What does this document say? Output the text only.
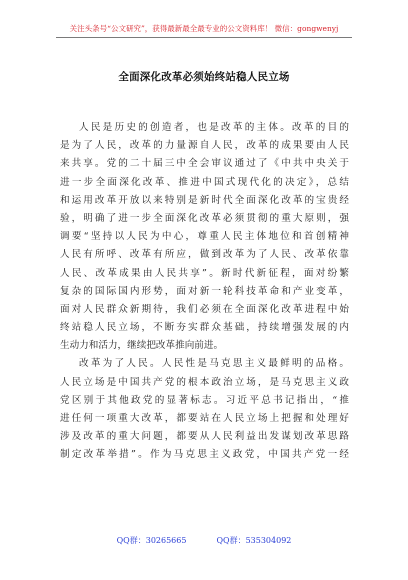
关注头条号“公文研究”，获得最新最全最专业的公文资料库！ 微信：gongwenyj
全面深化改革必须始终站稳人民立场
人民是历史的创造者，也是改革的主体。改革的目的
是为了人民，改革的力量源自人民，改革的成果要由人民
来共享。党的二十届三中全会审议通过了《中共中央关于
进一步全面深化改革、推进中国式现代化的决定》，总结
和运用改革开放以来特别是新时代全面深化改革的宝贵经
验，明确了进一步全面深化改革必须贯彻的重大原则，强
调要“坚持以人民为中心，尊重人民主体地位和首创精神
人民有所呼、改革有所应，做到改革为了人民、改革依靠
人民、改革成果由人民共享”。新时代新征程，面对纷繁
复杂的国际国内形势，面对新一轮科技革命和产业变革，
面对人民群众新期待，我们必须在全面深化改革进程中始
终站稳人民立场，不断夯实群众基础，持续增强发展的内
生动力和活力，继续把改革推向前进。
改革为了人民。人民性是马克思主义最鲜明的品格。
人民立场是中国共产党的根本政治立场，是马克思主义政
党区别于其他政党的显著标志。习近平总书记指出，“推
进任何一项重大改革，都要站在人民立场上把握和处理好
涉及改革的重大问题，都要从人民利益出发谋划改革思路
制定改革举措”。作为马克思主义政党，中国共产党一经
QQ群：30265665	QQ群：535304092
